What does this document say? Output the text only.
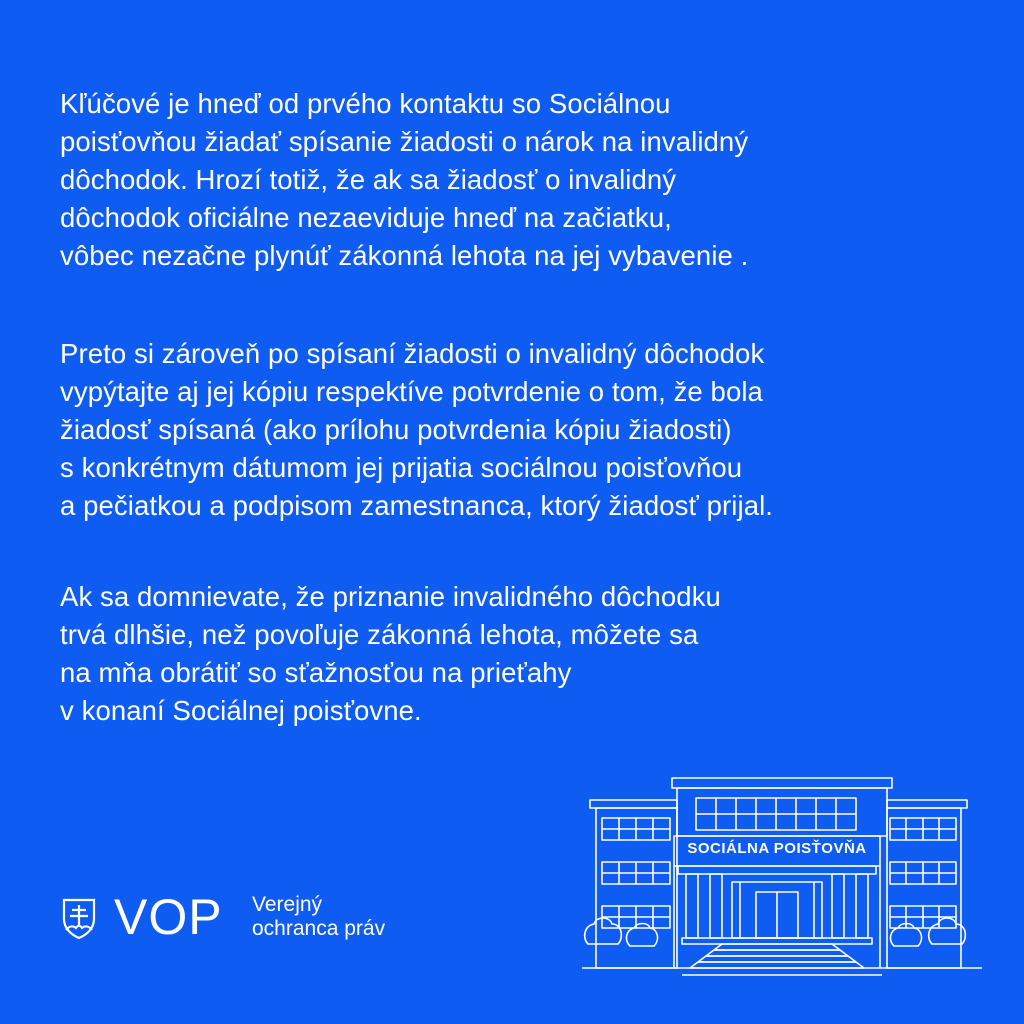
Kľúčové je hneď od prvého kontaktu so Sociálnou
poisťovňou žiadať spísanie žiadosti o nárok na invalidný
dôchodok. Hrozí totiž, že ak sa žiadosť o invalidný
dôchodok oficiálne nezaeviduje hneď na začiatku,
vôbec nezačne plynúť zákonná lehota na jej vybavenie .
Preto si zároveň po spísaní žiadosti o invalidný dôchodok
vypýtajte aj jej kópiu respektíve potvrdenie o tom, že bola
žiadosť spísaná (ako prílohu potvrdenia kópiu žiadosti)
s konkrétnym dátumom jej prijatia sociálnou poisťovňou
a pečiatkou a podpisom zamestnanca, ktorý žiadosť prijal.
Ak sa domnievate, že priznanie invalidného dôchodku
trvá dlhšie, než povoľuje zákonná lehota, môžete sa
na mňa obrátiť so sťažnosťou na prieťahy
v konaní Sociálnej poisťovne.
VOP Verejný
ochranca práv
SOCIÁLNA POISŤOVŇA
